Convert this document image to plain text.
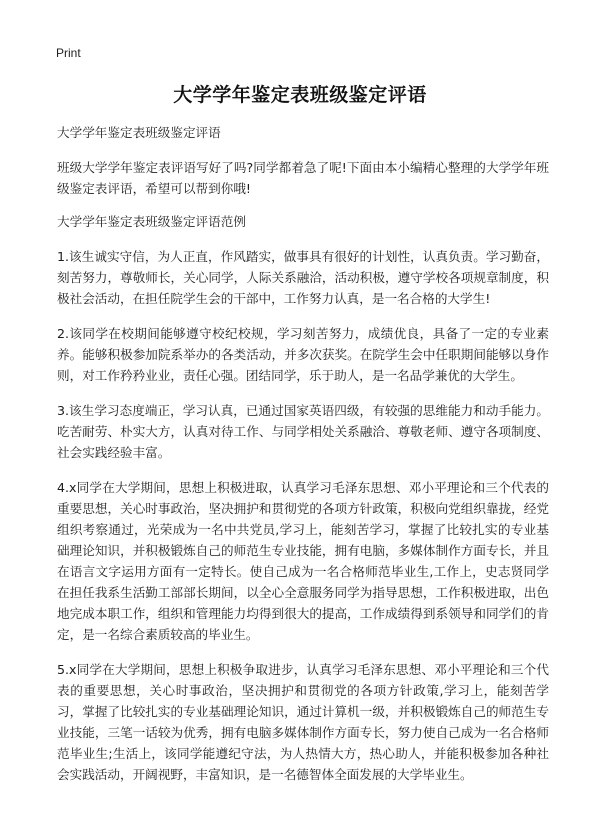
Print
大学学年鉴定表班级鉴定评语

大学学年鉴定表班级鉴定评语

班级大学学年鉴定表评语写好了吗?同学都着急了呢!下面由本小编精心整理的大学学年班级鉴定表评语，希望可以帮到你哦!

大学学年鉴定表班级鉴定评语范例

1.该生诚实守信，为人正直，作风踏实，做事具有很好的计划性，认真负责。学习勤奋，刻苦努力，尊敬师长，关心同学，人际关系融洽，活动积极，遵守学校各项规章制度，积极社会活动，在担任院学生会的干部中，工作努力认真，是一名合格的大学生!

2.该同学在校期间能够遵守校纪校规，学习刻苦努力，成绩优良，具备了一定的专业素养。能够积极参加院系举办的各类活动，并多次获奖。在院学生会中任职期间能够以身作则，对工作矜矜业业，责任心强。团结同学，乐于助人，是一名品学兼优的大学生。

3.该生学习态度端正，学习认真，已通过国家英语四级，有较强的思维能力和动手能力。吃苦耐劳、朴实大方，认真对待工作、与同学相处关系融洽、尊敬老师、遵守各项制度、社会实践经验丰富。

4.x同学在大学期间，思想上积极进取，认真学习毛泽东思想、邓小平理论和三个代表的重要思想，关心时事政治，坚决拥护和贯彻党的各项方针政策，积极向党组织靠拢，经党组织考察通过，光荣成为一名中共党员,学习上，能刻苦学习，掌握了比较扎实的专业基础理论知识，并积极锻炼自己的师范生专业技能，拥有电脑，多媒体制作方面专长，并且在语言文字运用方面有一定特长。使自己成为一名合格师范毕业生,工作上，史志贤同学在担任我系生活勤工部部长期间，以全心全意服务同学为指导思想，工作积极进取，出色地完成本职工作，组织和管理能力均得到很大的提高，工作成绩得到系领导和同学们的肯定，是一名综合素质较高的毕业生。

5.x同学在大学期间，思想上积极争取进步，认真学习毛泽东思想、邓小平理论和三个代表的重要思想，关心时事政治，坚决拥护和贯彻党的各项方针政策,学习上，能刻苦学习，掌握了比较扎实的专业基础理论知识，通过计算机一级，并积极锻炼自己的师范生专业技能，三笔一话较为优秀，拥有电脑多媒体制作方面专长，努力使自己成为一名合格师范毕业生;生活上，该同学能遵纪守法，为人热情大方，热心助人，并能积极参加各种社会实践活动，开阔视野，丰富知识，是一名德智体全面发展的大学毕业生。
